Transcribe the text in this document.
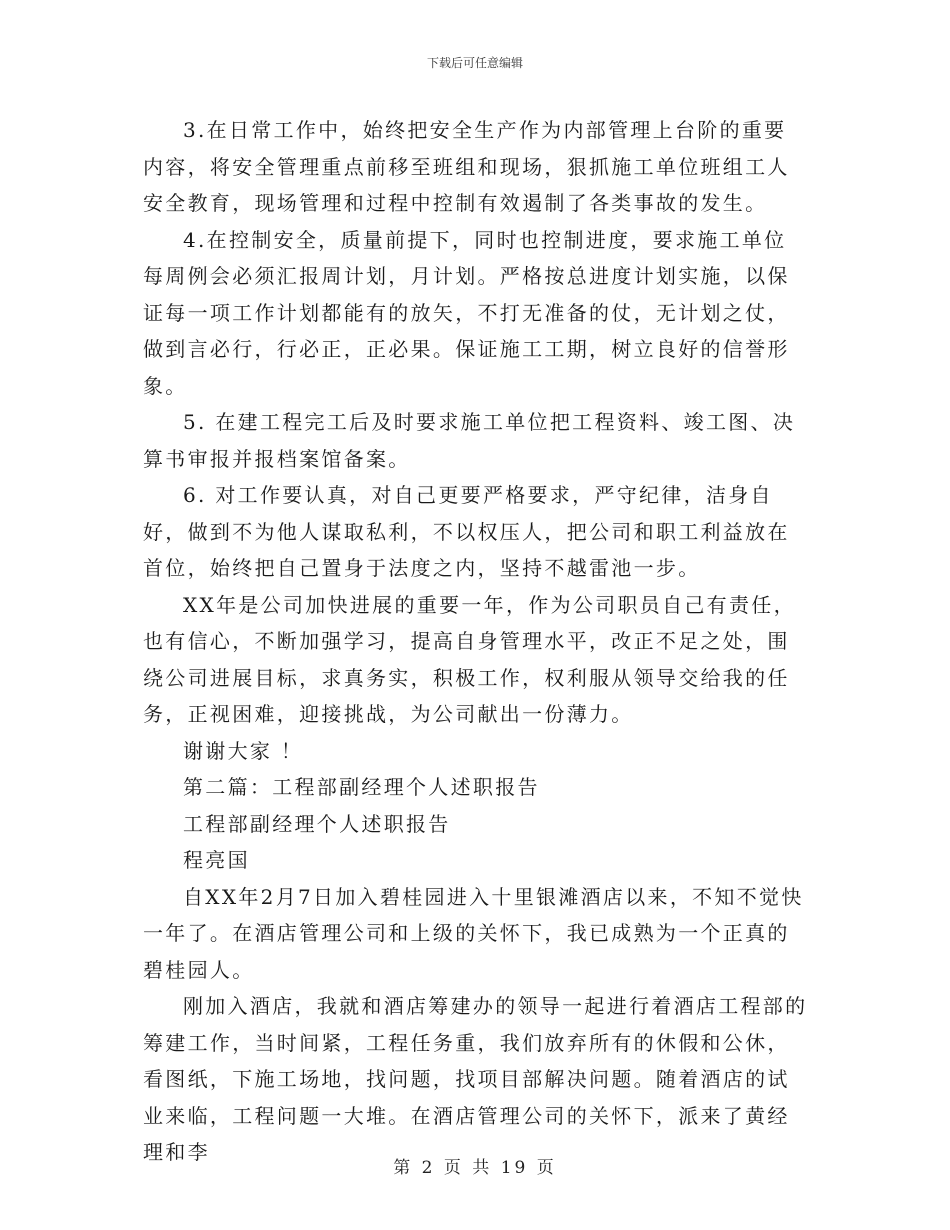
下载后可任意编辑

3.在日常工作中，始终把安全生产作为内部管理上台阶的重要内容，将安全管理重点前移至班组和现场，狠抓施工单位班组工人安全教育，现场管理和过程中控制有效遏制了各类事故的发生。

4.在控制安全，质量前提下，同时也控制进度，要求施工单位每周例会必须汇报周计划，月计划。严格按总进度计划实施，以保证每一项工作计划都能有的放矢，不打无准备的仗，无计划之仗，做到言必行，行必正，正必果。保证施工工期，树立良好的信誉形象。

5. 在建工程完工后及时要求施工单位把工程资料、竣工图、决算书审报并报档案馆备案。

6. 对工作要认真，对自己更要严格要求，严守纪律，洁身自好，做到不为他人谋取私利，不以权压人，把公司和职工利益放在首位，始终把自己置身于法度之内，坚持不越雷池一步。

XX年是公司加快进展的重要一年，作为公司职员自己有责任，也有信心，不断加强学习，提高自身管理水平，改正不足之处，围绕公司进展目标，求真务实，积极工作，权利服从领导交给我的任务，正视困难，迎接挑战，为公司献出一份薄力。

谢谢大家 ！

第二篇：工程部副经理个人述职报告

工程部副经理个人述职报告

程亮国

自XX年2月7日加入碧桂园进入十里银滩酒店以来，不知不觉快一年了。在酒店管理公司和上级的关怀下，我已成熟为一个正真的碧桂园人。

刚加入酒店，我就和酒店筹建办的领导一起进行着酒店工程部的筹建工作，当时间紧，工程任务重，我们放弃所有的休假和公休，看图纸，下施工场地，找问题，找项目部解决问题。随着酒店的试业来临，工程问题一大堆。在酒店管理公司的关怀下，派来了黄经理和李

第 2 页 共 19 页
